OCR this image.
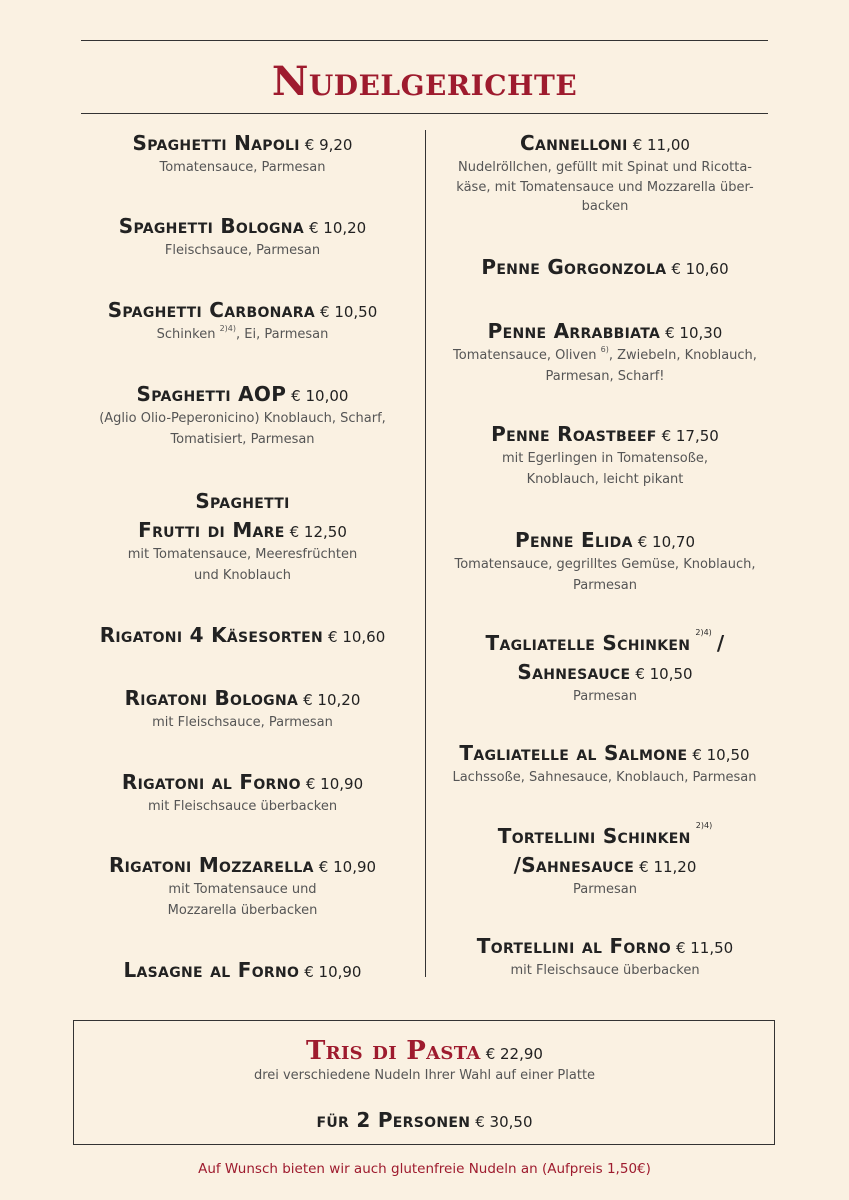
Nudelgerichte
Spaghetti Napoli € 9,20
Tomatensauce, Parmesan
Spaghetti Bologna € 10,20
Fleischsauce, Parmesan
Spaghetti Carbonara € 10,50
Schinken $^{2)4)}$, Ei, Parmesan
Spaghetti AOP € 10,00
(Aglio Olio-Peperonicino) Knoblauch, Scharf,
Tomatisiert, Parmesan
Spaghetti
Frutti di Mare € 12,50
mit Tomatensauce, Meeresfrüchten
und Knoblauch
Rigatoni 4 Käsesorten € 10,60
Rigatoni Bologna € 10,20
mit Fleischsauce, Parmesan
Rigatoni al Forno € 10,90
mit Fleischsauce überbacken
Rigatoni Mozzarella € 10,90
mit Tomatensauce und
Mozzarella überbacken
Lasagne al Forno € 10,90
Cannelloni € 11,00
Nudelröllchen, gefüllt mit Spinat und Ricotta-
käse, mit Tomatensauce und Mozzarella über-
backen
Penne Gorgonzola € 10,60
Penne Arrabbiata € 10,30
Tomatensauce, Oliven $^{6)}$, Zwiebeln, Knoblauch,
Parmesan, Scharf!
Penne Roastbeef € 17,50
mit Egerlingen in Tomatensoße,
Knoblauch, leicht pikant
Penne Elida € 10,70
Tomatensauce, gegrilltes Gemüse, Knoblauch,
Parmesan
Tagliatelle Schinken $^{2)4)}$ /
Sahnesauce € 10,50
Parmesan
Tagliatelle al Salmone € 10,50
Lachssoße, Sahnesauce, Knoblauch, Parmesan
Tortellini Schinken $^{2)4)}$
/Sahnesauce € 11,20
Parmesan
Tortellini al Forno € 11,50
mit Fleischsauce überbacken
Tris di Pasta € 22,90
drei verschiedene Nudeln Ihrer Wahl auf einer Platte
für 2 Personen € 30,50
Auf Wunsch bieten wir auch glutenfreie Nudeln an (Aufpreis 1,50€)
